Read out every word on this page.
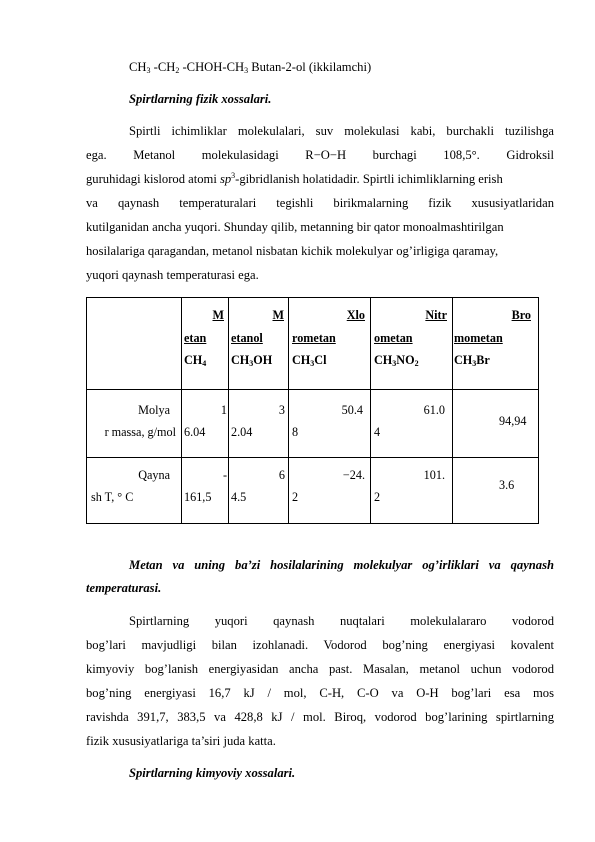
$CH_3$ $-CH_2$ $-CHOH-CH_3$ Butan-2-ol (ikkilamchi)
Spirtlarning fizik xossalari.
Spirtli ichimliklar molekulalari, suv molekulasi kabi, burchakli tuzilishga
ega. Metanol molekulasidagi R−O−H burchagi 108,5°. Gidroksil
guruhidagi kislorod atomi $sp^3$-gibridlanish holatidadir. Spirtli ichimliklarning erish
va qaynash temperaturalari tegishli birikmalarning fizik xususiyatlaridan
kutilganidan ancha yuqori. Shunday qilib, metanning bir qator monoalmashtirilgan
hosilalariga qaragandan, metanol nisbatan kichik molekulyar og’irligiga qaramay,
yuqori qaynash temperaturasi ega.
M
etan
$CH_4$
M
etanol
$CH_3OH$
Xlo
rometan
$CH_3Cl$
Nitr
ometan
$CH_3NO_2$
Bro
mometan
$CH_3Br$
Molya
r massa, g/mol
1
6.04
3
2.04
50.4
8
61.0
4
94,94
Qayna
sh T, ° C
-
161,5
6
4.5
−24.
2
101.
2
3.6
Metan va uning ba’zi hosilalarining molekulyar og’irliklari va qaynash
temperaturasi.
Spirtlarning yuqori qaynash nuqtalari molekulalararo vodorod
bog’lari mavjudligi bilan izohlanadi. Vodorod bog’ning energiyasi kovalent
kimyoviy bog’lanish energiyasidan ancha past. Masalan, metanol uchun vodorod
bog’ning energiyasi 16,7 kJ / mol, C-H, C-O va O-H bog’lari esa mos
ravishda 391,7, 383,5 va 428,8 kJ / mol. Biroq, vodorod bog’larining spirtlarning
fizik xususiyatlariga ta’siri juda katta.
Spirtlarning kimyoviy xossalari.
